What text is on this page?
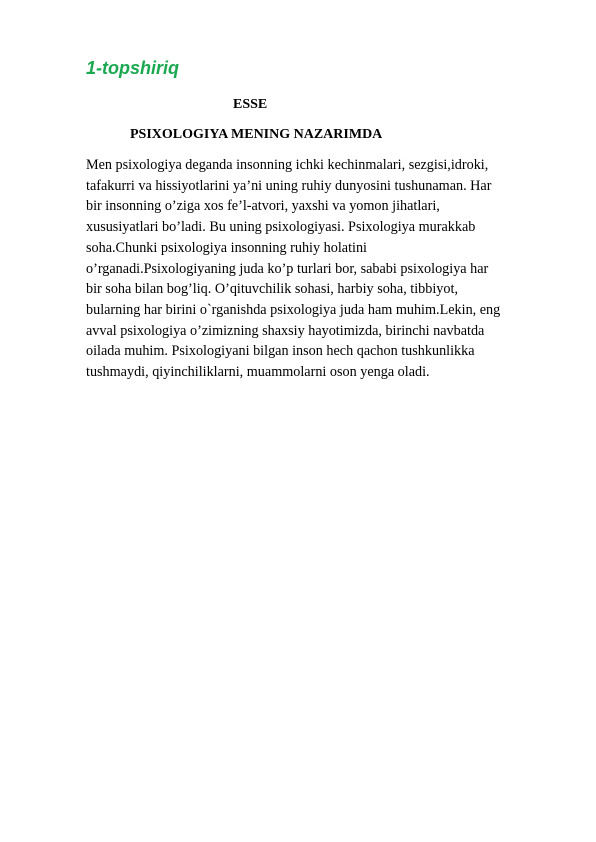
1-topshiriq
ESSE
PSIXOLOGIYA MENING NAZARIMDA
Men psixologiya deganda insonning ichki kechinmalari, sezgisi,idroki,
tafakurri va hissiyotlarini ya’ni uning ruhiy dunyosini tushunaman. Har
bir insonning o’ziga xos fe’l-atvori, yaxshi va yomon jihatlari,
xususiyatlari bo’ladi. Bu uning psixologiyasi. Psixologiya murakkab
soha.Chunki psixologiya insonning ruhiy holatini
o’rganadi.Psixologiyaning juda ko’p turlari bor, sababi psixologiya har
bir soha bilan bog’liq. O’qituvchilik sohasi, harbiy soha, tibbiyot,
bularning har birini o`rganishda psixologiya juda ham muhim.Lekin, eng
avval psixologiya o’zimizning shaxsiy hayotimizda, birinchi navbatda
oilada muhim. Psixologiyani bilgan inson hech qachon tushkunlikka
tushmaydi, qiyinchiliklarni, muammolarni oson yenga oladi.
